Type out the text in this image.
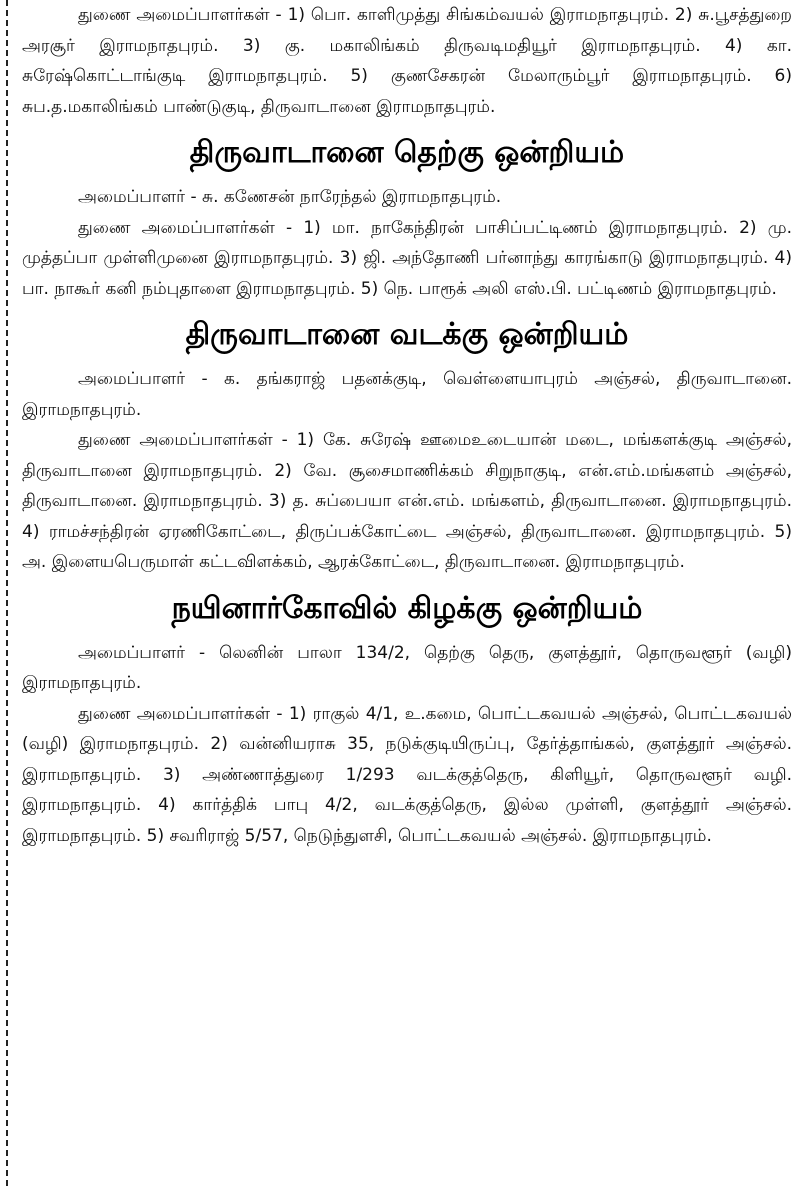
துணை அமைப்பாளர்கள் - 1) பொ. காளிமுத்து சிங்கம்வயல் இராமநாதபுரம். 2) சு.பூசத்துறை அரசூர் இராமநாதபுரம். 3) கு. மகாலிங்கம் திருவடிமதியூர் இராமநாதபுரம். 4) கா. சுரேஷ்கொட்டாங்குடி இராமநாதபுரம். 5) குணசேகரன் மேலாரும்பூர் இராமநாதபுரம். 6) சுப.த.மகாலிங்கம் பாண்டுகுடி, திருவாடானை இராமநாதபுரம்.

திருவாடானை தெற்கு ஒன்றியம்

அமைப்பாளர் - சு. கணேசன் நாரேந்தல் இராமநாதபுரம்.

துணை அமைப்பாளர்கள் - 1) மா. நாகேந்திரன் பாசிப்பட்டிணம் இராமநாதபுரம். 2) மு. முத்தப்பா முள்ளிமுனை இராமநாதபுரம். 3) ஜி. அந்தோணி பர்னாந்து காரங்காடு இராமநாதபுரம். 4) பா. நாகூர் கனி நம்புதாளை இராமநாதபுரம். 5) நெ. பாரூக் அலி எஸ்.பி. பட்டிணம் இராமநாதபுரம்.

திருவாடானை வடக்கு ஒன்றியம்

அமைப்பாளர் - க. தங்கராஜ் பதனக்குடி, வெள்ளையாபுரம் அஞ்சல், திருவாடானை. இராமநாதபுரம்.

துணை அமைப்பாளர்கள் - 1) கே. சுரேஷ் ஊமைஉடையான் மடை, மங்களக்குடி அஞ்சல், திருவாடானை இராமநாதபுரம். 2) வே. சூசைமாணிக்கம் சிறுநாகுடி, என்.எம்.மங்களம் அஞ்சல், திருவாடானை. இராமநாதபுரம். 3) த. சுப்பையா என்.எம். மங்களம், திருவாடானை. இராமநாதபுரம். 4) ராமச்சந்திரன் ஏரணிகோட்டை, திருப்பக்கோட்டை அஞ்சல், திருவாடானை. இராமநாதபுரம். 5) அ. இளையபெருமாள் கட்டவிளக்கம், ஆரக்கோட்டை, திருவாடானை. இராமநாதபுரம்.

நயினார்கோவில் கிழக்கு ஒன்றியம்

அமைப்பாளர் - லெனின் பாலா 134/2, தெற்கு தெரு, குளத்தூர், தொருவளூர் (வழி) இராமநாதபுரம்.

துணை அமைப்பாளர்கள் - 1) ராகுல் 4/1, உ.கமை, பொட்டகவயல் அஞ்சல், பொட்டகவயல் (வழி) இராமநாதபுரம். 2) வன்னியராசு 35, நடுக்குடியிருப்பு, தேர்த்தாங்கல், குளத்தூர் அஞ்சல். இராமநாதபுரம். 3) அண்ணாத்துரை 1/293 வடக்குத்தெரு, கிளியூர், தொருவளூர் வழி. இராமநாதபுரம். 4) கார்த்திக் பாபு 4/2, வடக்குத்தெரு, இல்ல முள்ளி, குளத்தூர் அஞ்சல். இராமநாதபுரம். 5) சவரிராஜ் 5/57, நெடுந்துளசி, பொட்டகவயல் அஞ்சல். இராமநாதபுரம்.
